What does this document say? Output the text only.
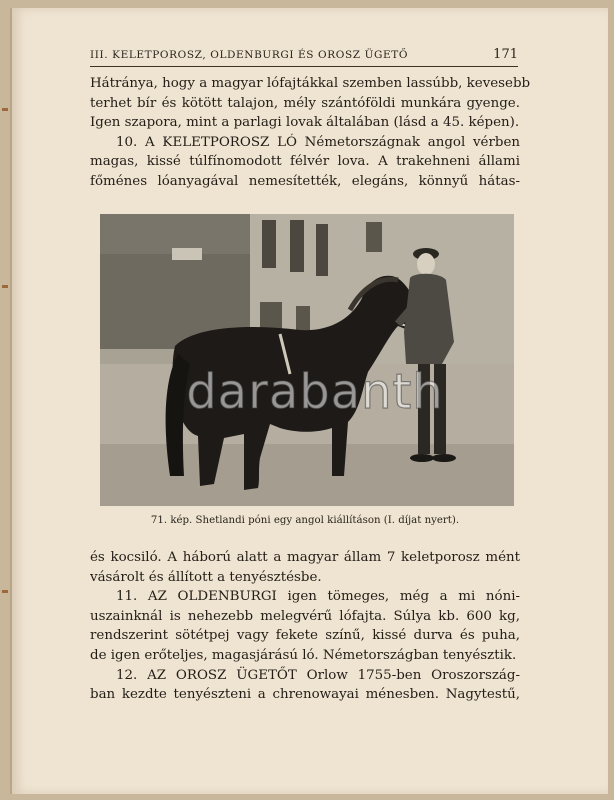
III. KELETPOROSZ, OLDENBURGI ÉS OROSZ ÜGETŐ	171
Hátránya, hogy a magyar lófajtákkal szemben lassúbb, kevesebb
terhet bír és kötött talajon, mély szántóföldi munkára gyenge.
Igen szapora, mint a parlagi lovak általában (lásd a 45. képen).
10. A KELETPOROSZ LÓ Németországnak angol vérben
magas, kissé túlfínomodott félvér lova. A trakehneni állami
főménes lóanyagával nemesítették, elegáns, könnyű hátas-
darabanth
71. kép. Shetlandi póni egy angol kiállításon (I. díjat nyert).
és kocsiló. A háború alatt a magyar állam 7 keletporosz mént
vásárolt és állított a tenyésztésbe.
11. AZ OLDENBURGI igen tömeges, még a mi nóni-
uszainknál is nehezebb melegvérű lófajta. Súlya kb. 600 kg,
rendszerint sötétpej vagy fekete színű, kissé durva és puha,
de igen erőteljes, magasjárású ló. Németországban tenyésztik.
12. AZ OROSZ ÜGETŐT Orlow 1755-ben Oroszország-
ban kezdte tenyészteni a chrenowayai ménesben. Nagytestű,
